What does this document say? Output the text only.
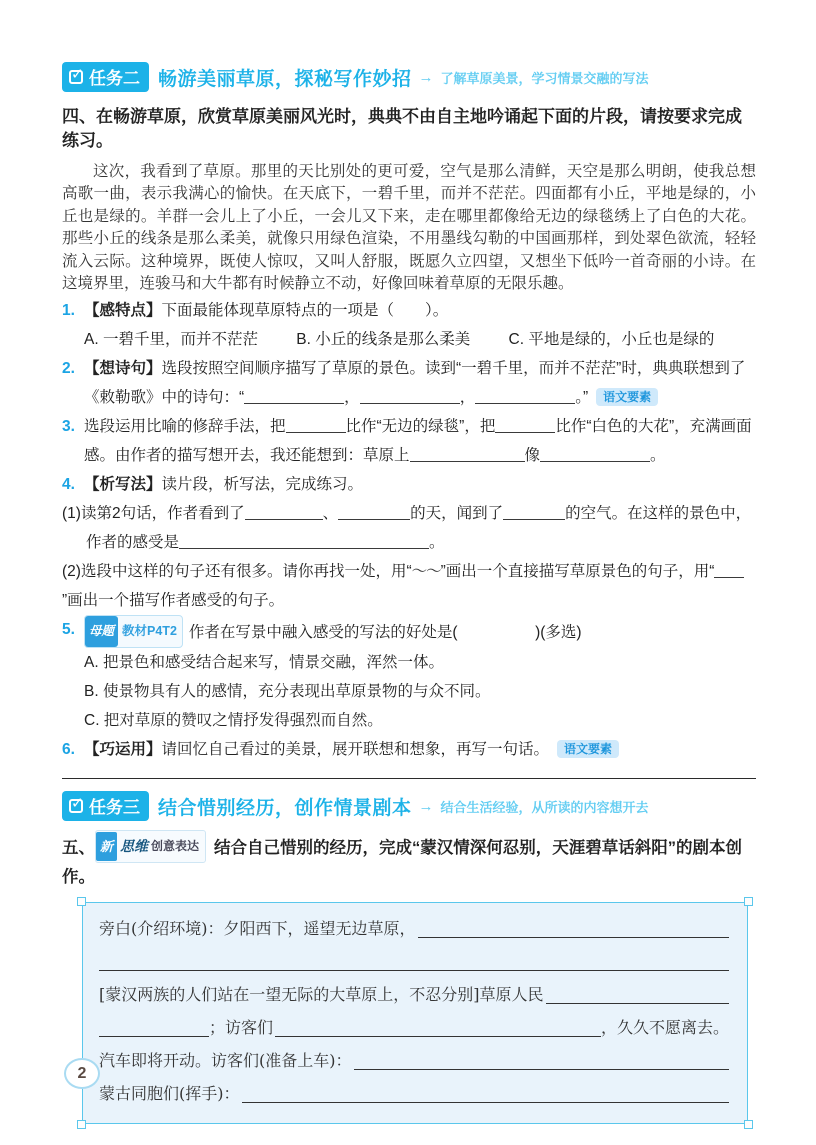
✓
任务二 畅游美丽草原，探秘写作妙招 → 了解草原美景，学习情景交融的写法
四、在畅游草原，欣赏草原美丽风光时，典典不由自主地吟诵起下面的片段，请按要求完成练习。
这次，我看到了草原。那里的天比别处的更可爱，空气是那么清鲜，天空是那么明朗，使我总想高歌一曲，表示我满心的愉快。在天底下，一碧千里，而并不茫茫。四面都有小丘，平地是绿的，小丘也是绿的。羊群一会儿上了小丘，一会儿又下来，走在哪里都像给无边的绿毯绣上了白色的大花。那些小丘的线条是那么柔美，就像只用绿色渲染，不用墨线勾勒的中国画那样，到处翠色欲流，轻轻流入云际。这种境界，既使人惊叹，又叫人舒服，既愿久立四望，又想坐下低吟一首奇丽的小诗。在这境界里，连骏马和大牛都有时候静立不动，好像回味着草原的无限乐趣。
1. 【感特点】下面最能体现草原特点的一项是（　　）。
A. 一碧千里，而并不茫茫 B. 小丘的线条是那么柔美 C. 平地是绿的，小丘也是绿的
2. 【想诗句】选段按照空间顺序描写了草原的景色。读到“一碧千里，而并不茫茫”时，典典联想到了《敕勒歌》中的诗句：“	，	，	。” 语文要素
3. 选段运用比喻的修辞手法，把	比作“无边的绿毯”，把	比作“白色的大花”，充满画面感。由作者的描写想开去，我还能想到：草原上	像	。
4. 【析写法】读片段，析写法，完成练习。
(1)读第2句话，作者看到了	、	的天，闻到了	的空气。在这样的景色中，
作者的感受是	。
(2)选段中这样的句子还有很多。请你再找一处，用“～～”画出一个直接描写草原景色的句子，用“”画出一个描写作者感受的句子。
5.	母题 教材P4T2 作者在写景中融入感受的写法的好处是(　　　　　)(多选)
A. 把景色和感受结合起来写，情景交融，浑然一体。
B. 使景物具有人的感情，充分表现出草原景物的与众不同。
C. 把对草原的赞叹之情抒发得强烈而自然。
6. 【巧运用】请回忆自己看过的美景，展开联想和想象，再写一句话。 语文要素
✓
任务三 结合惜别经历，创作情景剧本 → 结合生活经验，从所读的内容想开去
五、 新 思维 创意表达 结合自己惜别的经历，完成“蒙汉情深何忍别，天涯碧草话斜阳”的剧本创作。
旁白(介绍环境)：夕阳西下，遥望无边草原，
[蒙汉两族的人们站在一望无际的大草原上，不忍分别]草原人民
；访客们	，久久不愿离去。
汽车即将开动。访客们(准备上车)：
蒙古同胞们(挥手)：
2
